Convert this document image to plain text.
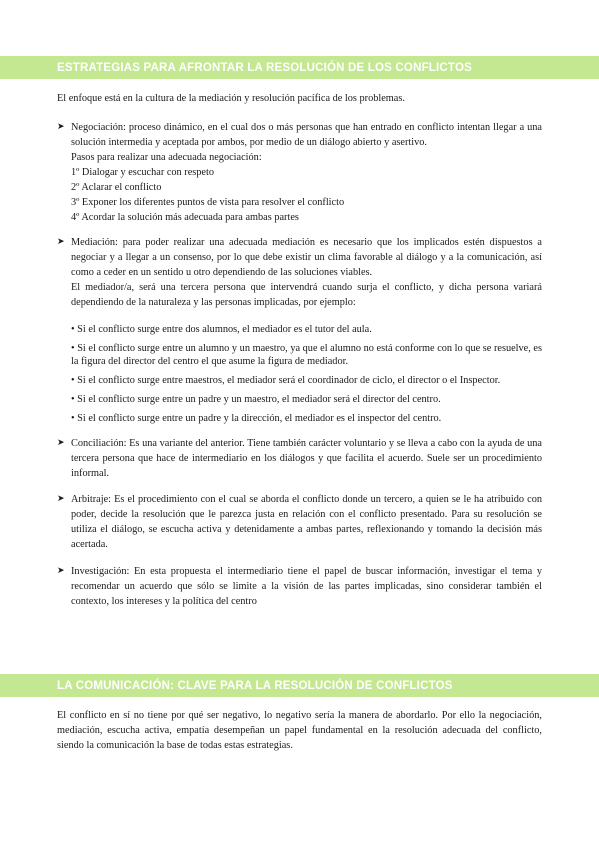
ESTRATEGIAS PARA AFRONTAR LA RESOLUCIÓN DE LOS CONFLICTOS

El enfoque está en la cultura de la mediación y resolución pacífica de los problemas.

➤ Negociación: proceso dinámico, en el cual dos o más personas que han entrado en conflicto intentan llegar a una solución intermedia y aceptada por ambos, por medio de un diálogo abierto y asertivo.
Pasos para realizar una adecuada negociación:
1º Dialogar y escuchar con respeto
2º Aclarar el conflicto
3º Exponer los diferentes puntos de vista para resolver el conflicto
4º Acordar la solución más adecuada para ambas partes
➤ Mediación: para poder realizar una adecuada mediación es necesario que los implicados estén dispuestos a negociar y a llegar a un consenso, por lo que debe existir un clima favorable al diálogo y a la comunicación, así como a ceder en un sentido u otro dependiendo de las soluciones viables.
El mediador/a, será una tercera persona que intervendrá cuando surja el conflicto, y dicha persona variará dependiendo de la naturaleza y las personas implicadas, por ejemplo:
• Si el conflicto surge entre dos alumnos, el mediador es el tutor del aula.
• Si el conflicto surge entre un alumno y un maestro, ya que el alumno no está conforme con lo que se resuelve, es la figura del director del centro el que asume la figura de mediador.
• Si el conflicto surge entre maestros, el mediador será el coordinador de ciclo, el director o el Inspector.
• Si el conflicto surge entre un padre y un maestro, el mediador será el director del centro.
• Si el conflicto surge entre un padre y la dirección, el mediador es el inspector del centro.
➤ Conciliación: Es una variante del anterior. Tiene también carácter voluntario y se lleva a cabo con la ayuda de una tercera persona que hace de intermediario en los diálogos y que facilita el acuerdo. Suele ser un procedimiento informal.
➤ Arbitraje: Es el procedimiento con el cual se aborda el conflicto donde un tercero, a quien se le ha atribuido con poder, decide la resolución que le parezca justa en relación con el conflicto presentado. Para su resolución se utiliza el diálogo, se escucha activa y detenidamente a ambas partes, reflexionando y tomando la decisión más acertada.
➤ Investigación: En esta propuesta el intermediario tiene el papel de buscar información, investigar el tema y recomendar un acuerdo que sólo se limite a la visión de las partes implicadas, sino considerar también el contexto, los intereses y la política del centro
LA COMUNICACIÓN: CLAVE PARA LA RESOLUCIÓN DE CONFLICTOS

El conflicto en sí no tiene por qué ser negativo, lo negativo sería la manera de abordarlo. Por ello la negociación, mediación, escucha activa, empatía desempeñan un papel fundamental en la resolución adecuada del conflicto, siendo la comunicación la base de todas estas estrategias.
